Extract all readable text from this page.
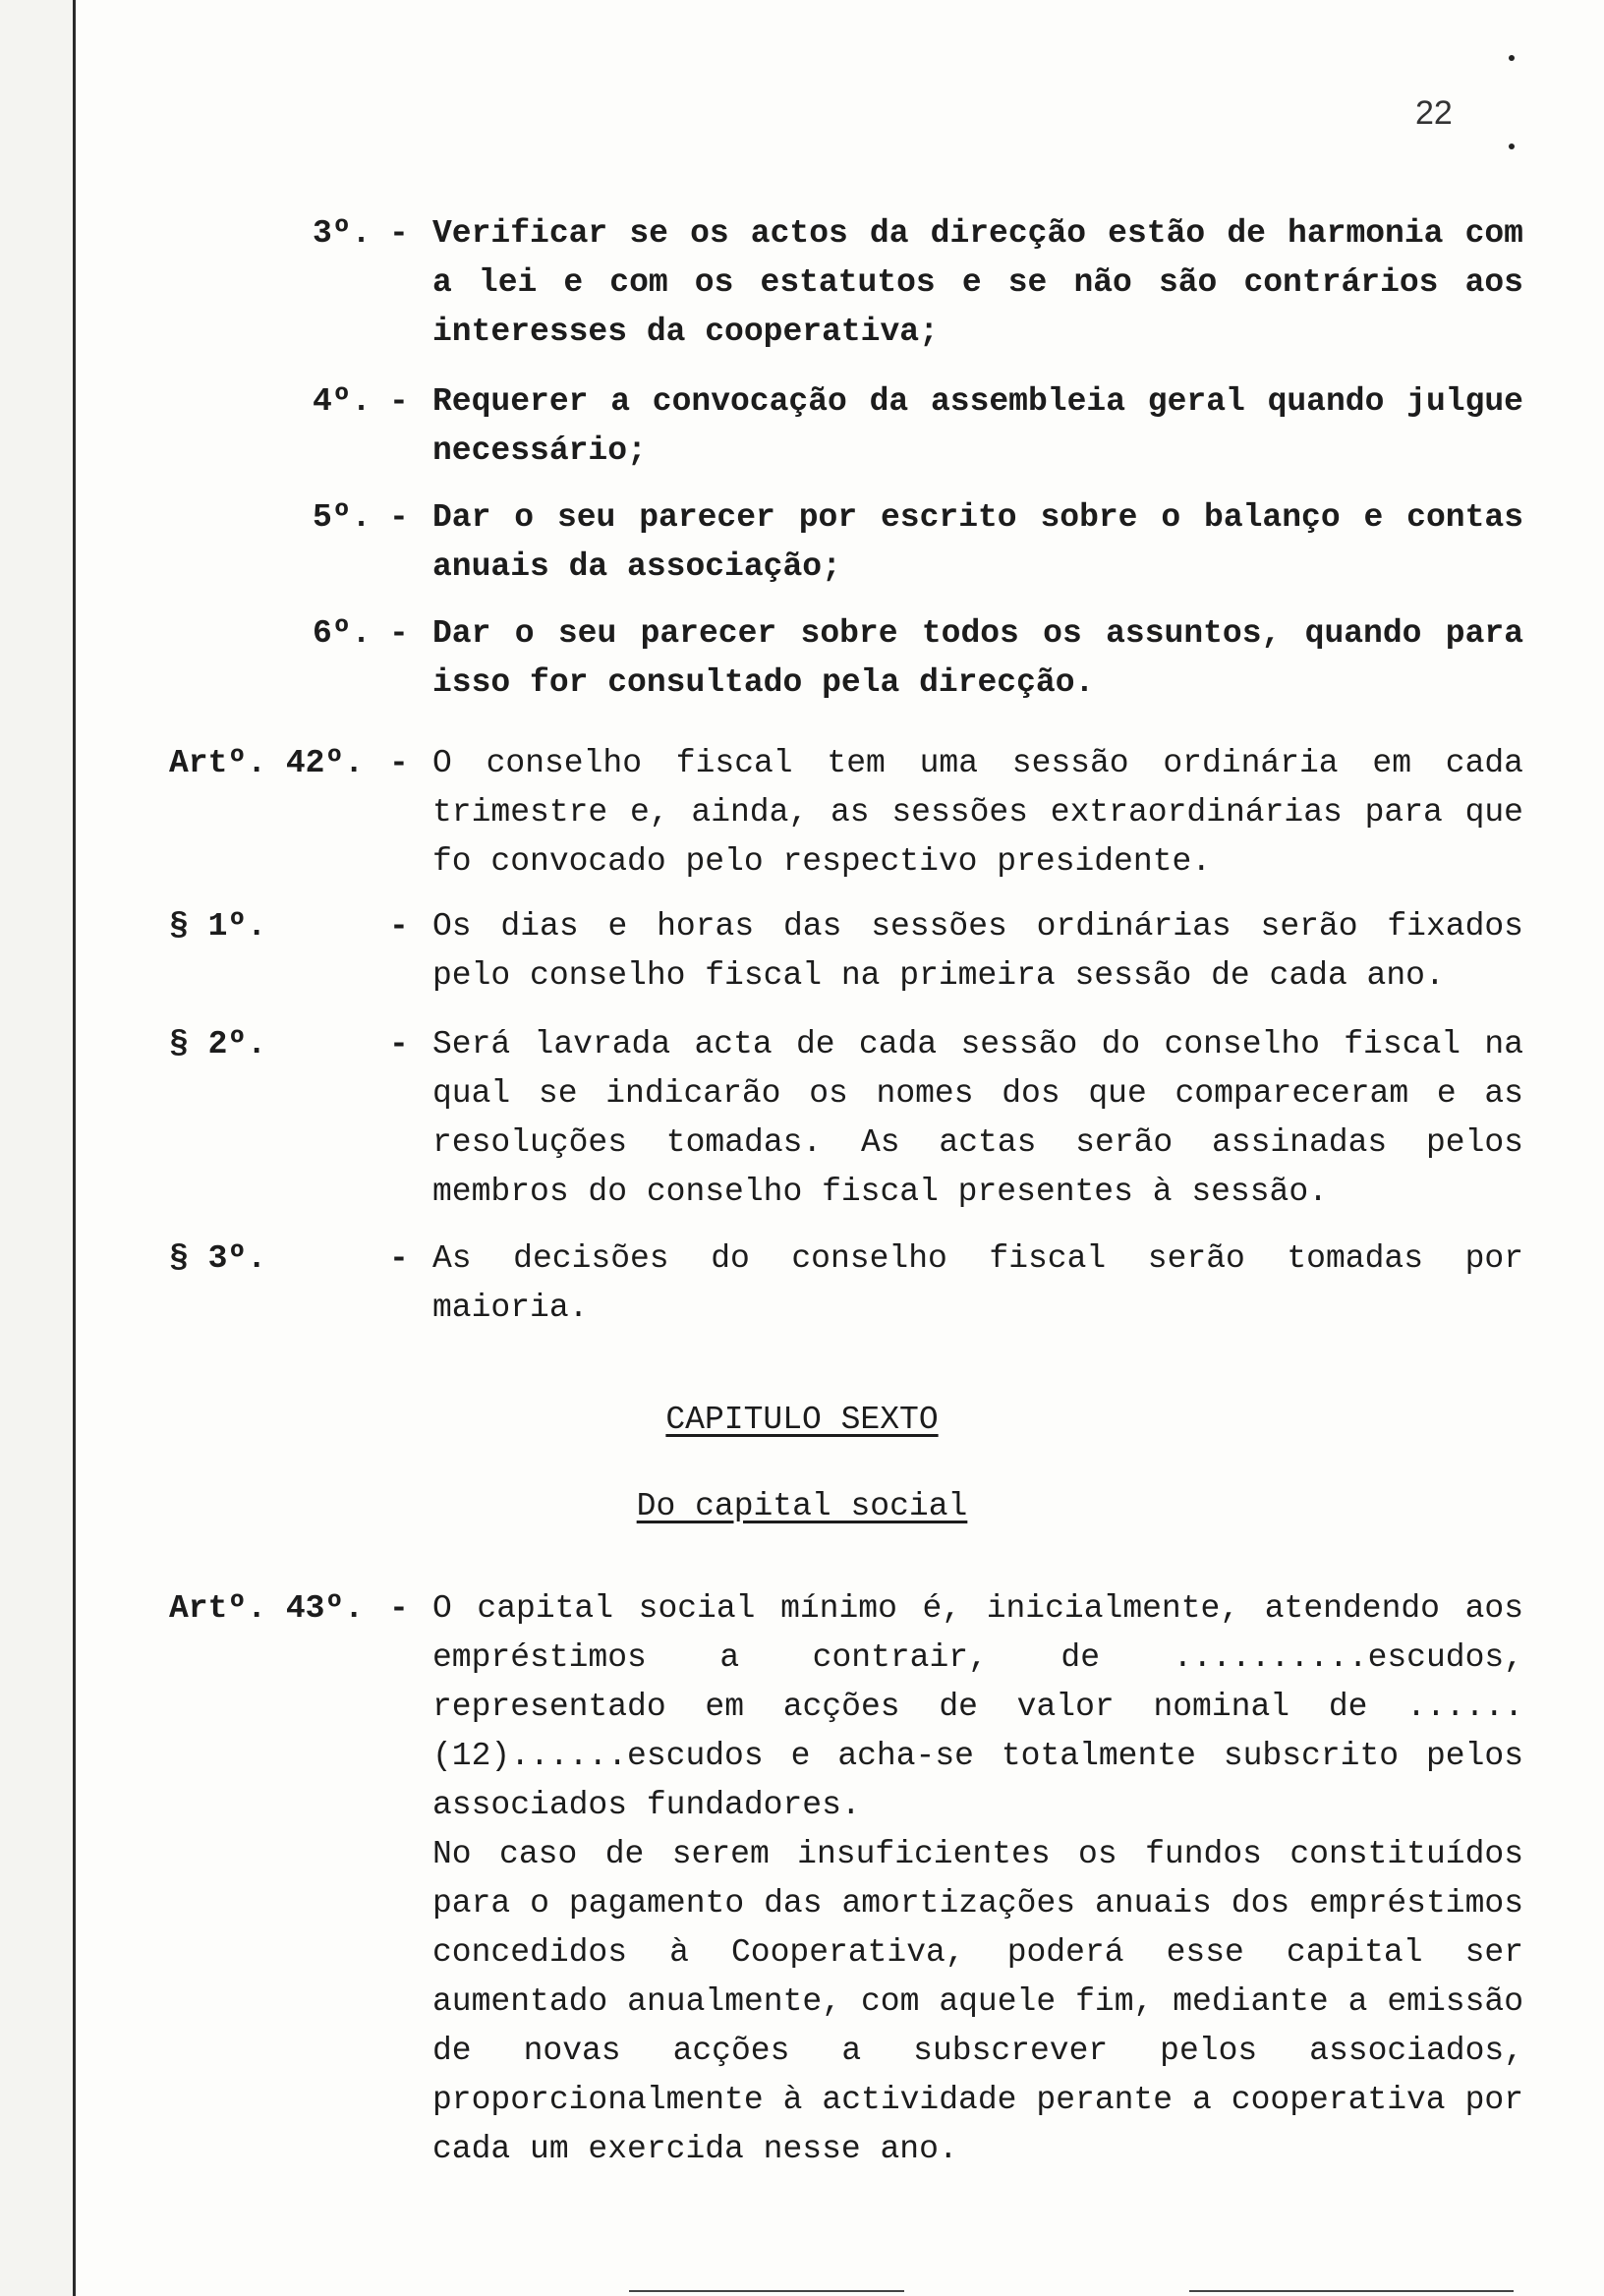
22
3º. - Verificar se os actos da direcção estão de harmonia com a lei e com os estatutos e se não são contrários aos interesses da cooperativa;
4º. - Requerer a convocação da assembleia geral quando julgue necessário;
5º. - Dar o seu parecer por escrito sobre o balanço e contas anuais da associação;
6º. - Dar o seu parecer sobre todos os assuntos, quando para isso for consultado pela direcção.
Artº. 42º. - O conselho fiscal tem uma sessão ordinária em cada trimestre e, ainda, as sessões extraordinárias para que fo convocado pelo respectivo presidente.
§ 1º.	- Os dias e horas das sessões ordinárias serão fixados pelo conselho fiscal na primeira sessão de cada ano.
§ 2º.	- Será lavrada acta de cada sessão do conselho fiscal na qual se indicarão os nomes dos que compareceram e as resoluções tomadas. As actas serão assinadas pelos membros do conselho fiscal presentes à sessão.
§ 3º.	- As decisões do conselho fiscal serão tomadas por maioria.
CAPITULO SEXTO
Do capital social
Artº. 43º. - O capital social mínimo é, inicialmente, atendendo aos empréstimos a contrair, de ..........escudos, representado em acções de valor nominal de ......(12)......escudos e acha-se totalmente subscrito pelos associados fundadores.
No caso de serem insuficientes os fundos constituídos para o pagamento das amortizações anuais dos empréstimos concedidos à Cooperativa, poderá esse capital ser aumentado anualmente, com aquele fim, mediante a emissão de novas acções a subscrever pelos associados, proporcionalmente à actividade perante a cooperativa por cada um exercida nesse ano.
